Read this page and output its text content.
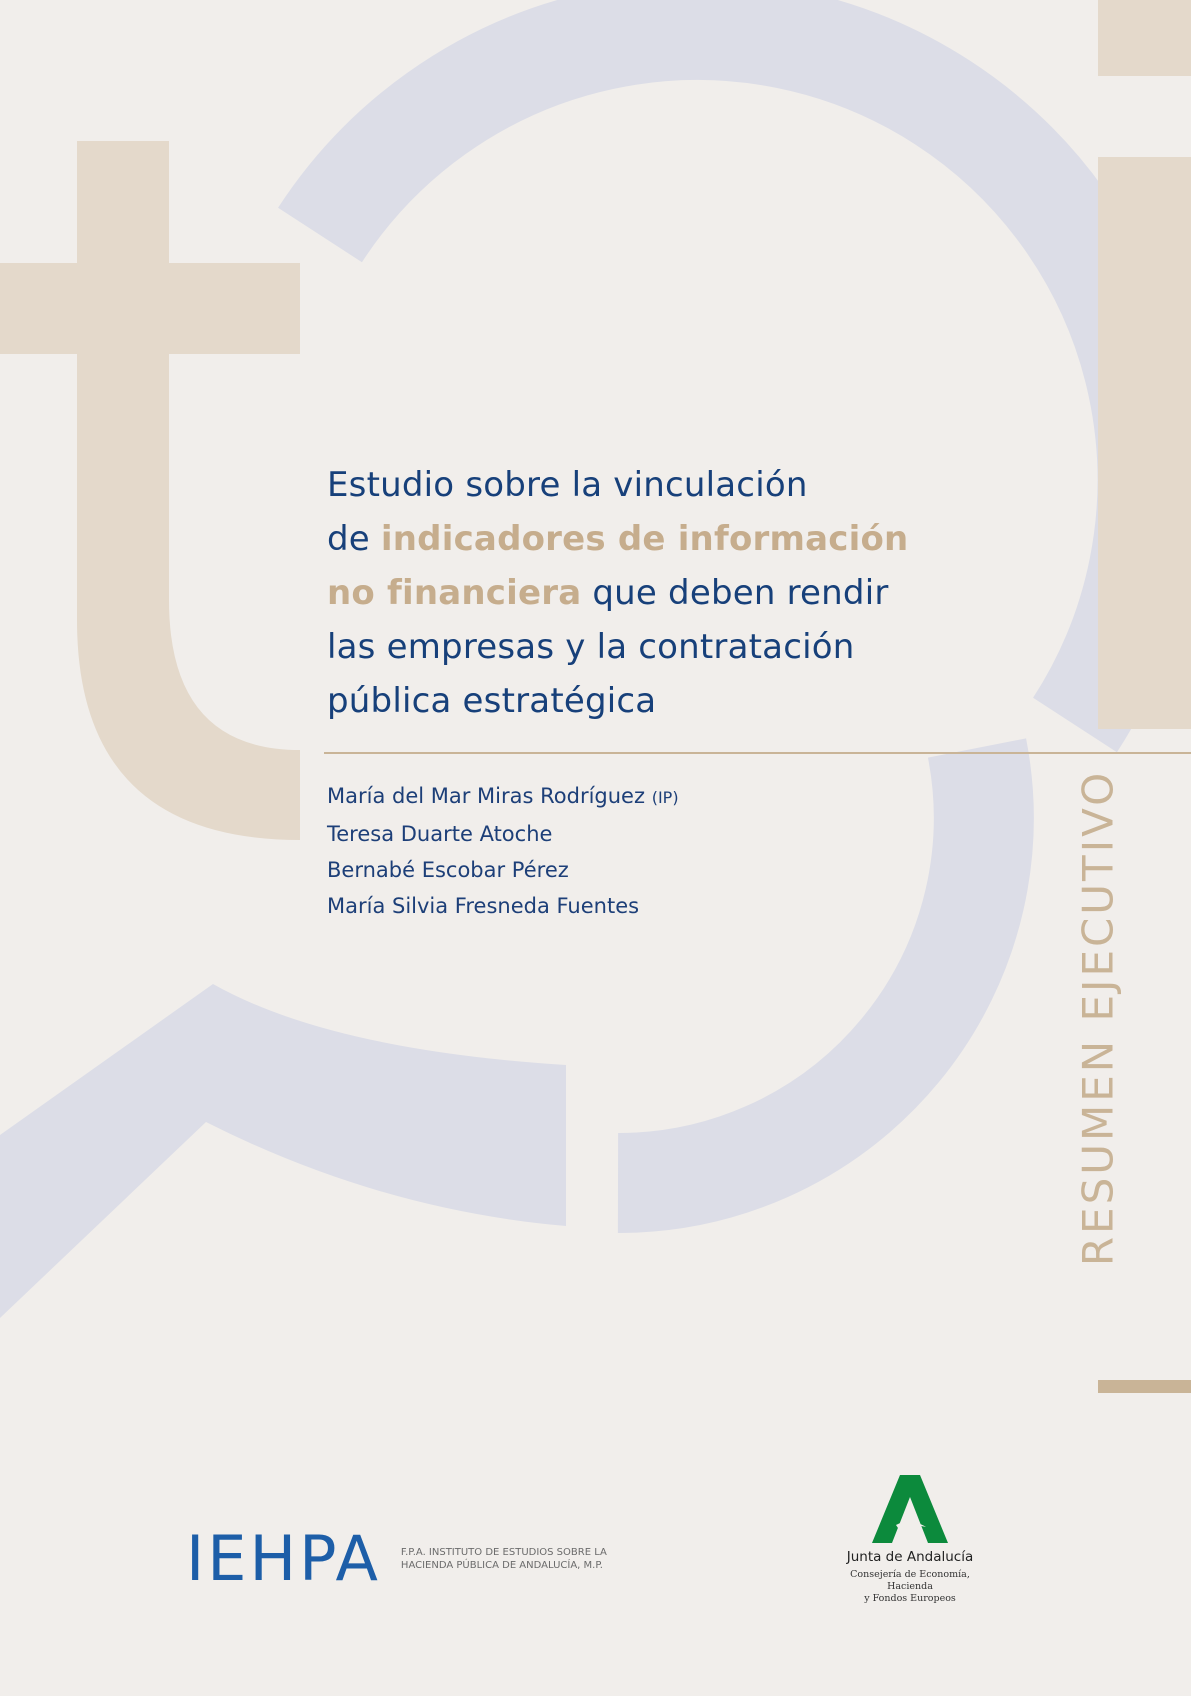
Estudio sobre la vinculación
de indicadores de información
no financiera que deben rendir
las empresas y la contratación
pública estratégica
María del Mar Miras Rodríguez (IP)
Teresa Duarte Atoche
Bernabé Escobar Pérez
María Silvia Fresneda Fuentes	RESUMEN EJECUTIVO
IEHPA F.P.A. INSTITUTO DE ESTUDIOS SOBRE LA
HACIENDA PÚBLICA DE ANDALUCÍA, M.P.
Junta de Andalucía
Consejería de Economía, Hacienda
y Fondos Europeos
